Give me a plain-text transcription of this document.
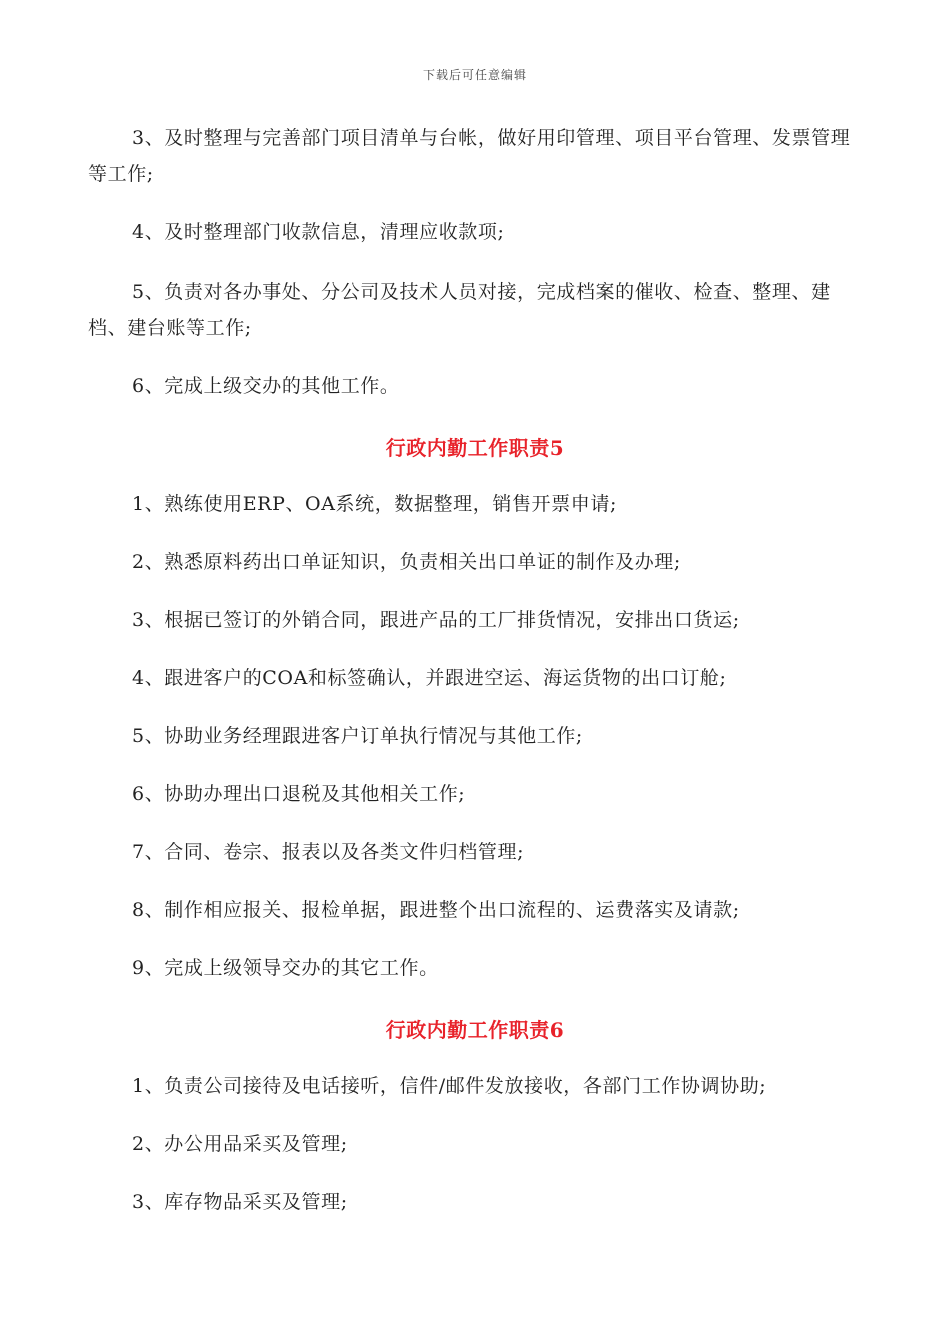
下载后可任意编辑
3、及时整理与完善部门项目清单与台帐，做好用印管理、项目平台管理、发票管理等工作;
4、及时整理部门收款信息，清理应收款项;
5、负责对各办事处、分公司及技术人员对接，完成档案的催收、检查、整理、建档、建台账等工作;
6、完成上级交办的其他工作。
行政内勤工作职责5
1、熟练使用ERP、OA系统，数据整理，销售开票申请;
2、熟悉原料药出口单证知识，负责相关出口单证的制作及办理;
3、根据已签订的外销合同，跟进产品的工厂排货情况，安排出口货运;
4、跟进客户的COA和标签确认，并跟进空运、海运货物的出口订舱;
5、协助业务经理跟进客户订单执行情况与其他工作;
6、协助办理出口退税及其他相关工作;
7、合同、卷宗、报表以及各类文件归档管理;
8、制作相应报关、报检单据，跟进整个出口流程的、运费落实及请款;
9、完成上级领导交办的其它工作。
行政内勤工作职责6
1、负责公司接待及电话接听，信件/邮件发放接收，各部门工作协调协助;
2、办公用品采买及管理;
3、库存物品采买及管理;
